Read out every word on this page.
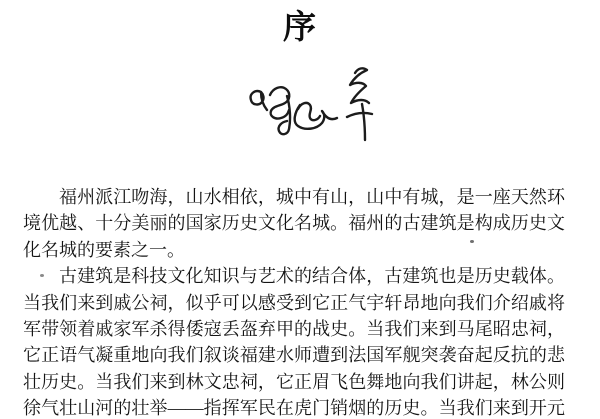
序
福州派江吻海，山水相依，城中有山，山中有城，是一座天然环
境优越、十分美丽的国家历史文化名城。福州的古建筑是构成历史文
化名城的要素之一。
古建筑是科技文化知识与艺术的结合体，古建筑也是历史载体。
当我们来到戚公祠，似乎可以感受到它正气宇轩昂地向我们介绍戚将
军带领着戚家军杀得倭寇丢盔弃甲的战史。当我们来到马尾昭忠祠，
它正语气凝重地向我们叙谈福建水师遭到法国军舰突袭奋起反抗的悲
壮历史。当我们来到林文忠祠，它正眉飞色舞地向我们讲起，林公则
徐气壮山河的壮举——指挥军民在虎门销烟的历史。当我们来到开元
